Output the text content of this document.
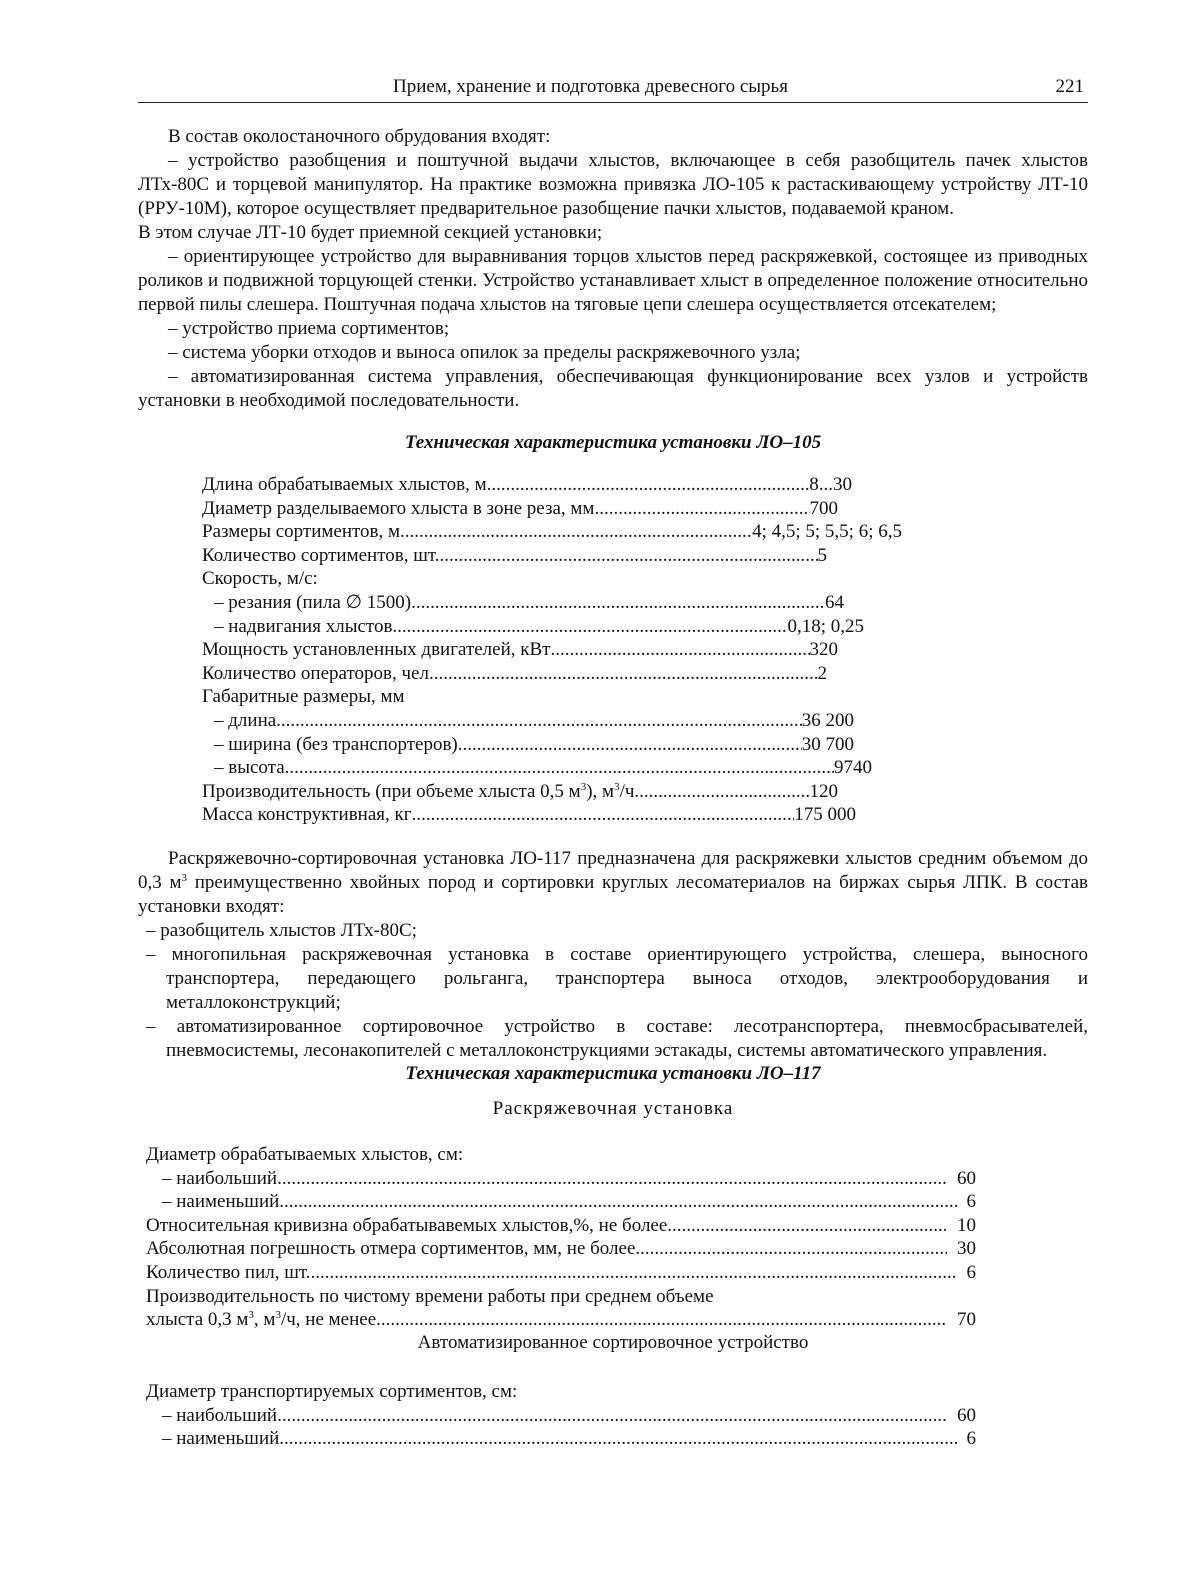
Прием, хранение и подготовка древесного сырья	221

В состав околостаночного обрудования входят:

– устройство разобщения и поштучной выдачи хлыстов, включающее в себя разобщитель пачек хлыстов ЛТх-80С и торцевой манипулятор. На практике возможна привязка ЛО-105 к растаскивающему устройству ЛТ-10 (РРУ-10М), которое осуществляет предварительное разобщение пачки хлыстов, подаваемой краном.

В этом случае ЛТ-10 будет приемной секцией установки;

– ориентирующее устройство для выравнивания торцов хлыстов перед раскряжевкой, состоящее из приводных роликов и подвижной торцующей стенки. Устройство устанавливает хлыст в определенное положение относительно первой пилы слешера. Поштучная подача хлыстов на тяговые цепи слешера осуществляется отсекателем;

– устройство приема сортиментов;

– система уборки отходов и выноса опилок за пределы раскряжевочного узла;

– автоматизированная система управления, обеспечивающая функционирование всех узлов и устройств установки в необходимой последовательности.

Техническая характеристика установки ЛО–105
Длина обрабатываемых хлыстов, м .....	8...30
Диаметр разделываемого хлыста в зоне реза, мм .....	700
Размеры сортиментов, м .....	4; 4,5; 5; 5,5; 6; 6,5
Количество сортиментов, шт. .....	5
Скорость, м/с:
– резания (пила ∅ 1500) .....	64
– надвигания хлыстов .....	0,18; 0,25
Мощность установленных двигателей, кВт .....	320
Количество операторов, чел .....	2
Габаритные размеры, мм
– длина .....	36 200
– ширина (без транспортеров) .....	30 700
– высота .....	9740
Производительность (при объеме хлыста 0,5 $м^3$), $м^3/ч$ .....	120
Масса конструктивная, кг .....	175 000

Раскряжевочно-сортировочная установка ЛО-117 предназначена для раскряжевки хлыстов средним объемом до 0,3 $м^3$ преимущественно хвойных пород и сортировки круглых лесоматериалов на биржах сырья ЛПК. В состав установки входят:

– разобщитель хлыстов ЛТх-80С;

– многопильная раскряжевочная установка в составе ориентирующего устройства, слешера, выносного транспортера, передающего рольганга, транспортера выноса отходов, электрооборудования и металлоконструкций;

– автоматизированное сортировочное устройство в составе: лесотранспортера, пневмосбрасывателей, пневмосистемы, лесонакопителей с металлоконструкциями эстакады, системы автоматического управления.

Техническая характеристика установки ЛО–117
Раскряжевочная установка
Диаметр обрабатываемых хлыстов, см:
– наибольший .....	60
– наименьший .....	6
Относительная кривизна обрабатывавемых хлыстов,%, не более .....	10
Абсолютная погрешность отмера сортиментов, мм, не более .....	30
Количество пил, шт. .....	6
Производительность по чистому времени работы при среднем объеме
хлыста 0,3 $м^3$, $м^3/ч$, не менее .....	70
Автоматизированное сортировочное устройство
Диаметр транспортируемых сортиментов, см:
– наибольший .....	60
– наименьший .....	6
